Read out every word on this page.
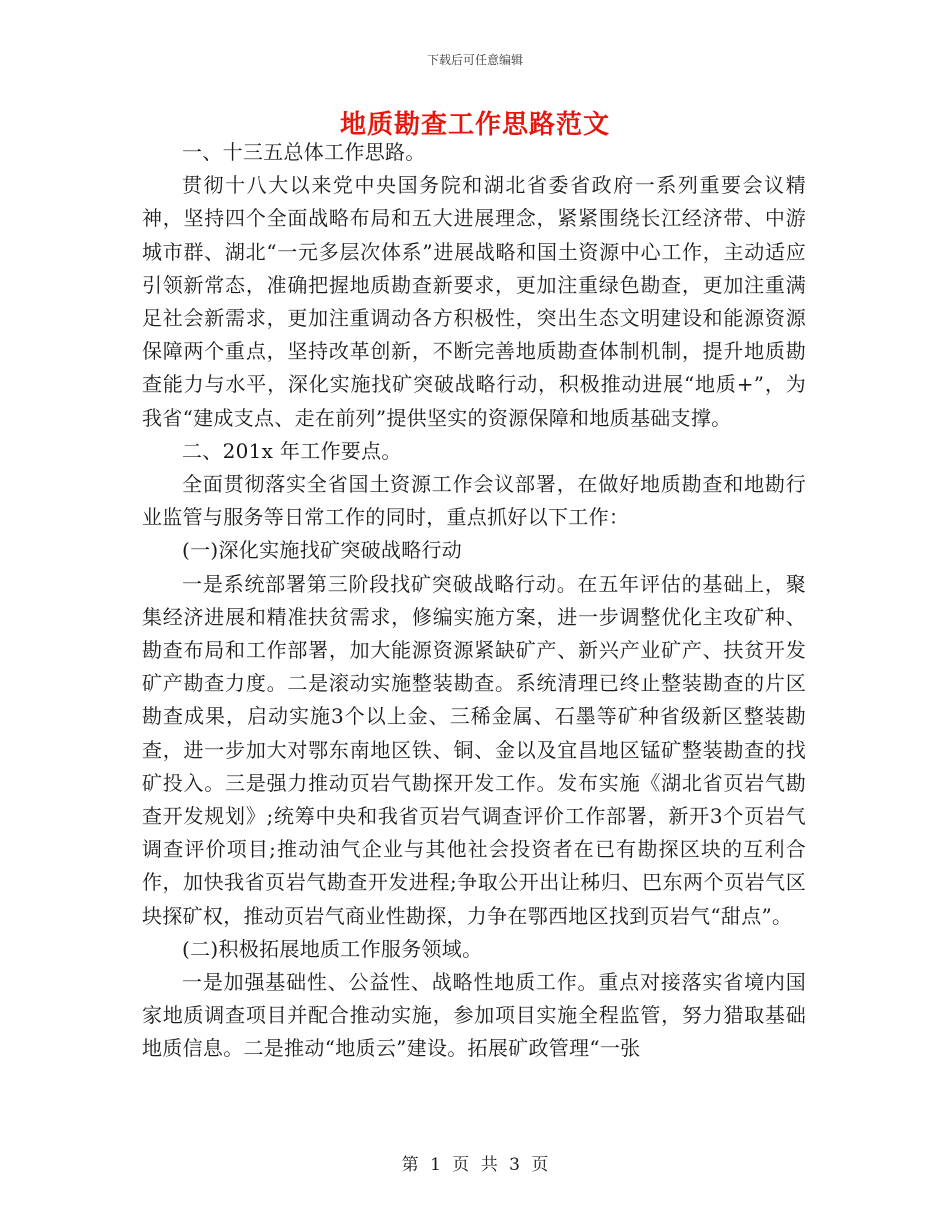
下载后可任意编辑
地质勘查工作思路范文

一、十三五总体工作思路。

贯彻十八大以来党中央国务院和湖北省委省政府一系列重要会议精神，坚持四个全面战略布局和五大进展理念，紧紧围绕长江经济带、中游城市群、湖北“一元多层次体系”进展战略和国土资源中心工作，主动适应引领新常态，准确把握地质勘查新要求，更加注重绿色勘查，更加注重满足社会新需求，更加注重调动各方积极性，突出生态文明建设和能源资源保障两个重点，坚持改革创新，不断完善地质勘查体制机制，提升地质勘查能力与水平，深化实施找矿突破战略行动，积极推动进展“地质+”，为我省“建成支点、走在前列”提供坚实的资源保障和地质基础支撑。

二、201x 年工作要点。

全面贯彻落实全省国土资源工作会议部署，在做好地质勘查和地勘行业监管与服务等日常工作的同时，重点抓好以下工作：

(一)深化实施找矿突破战略行动

一是系统部署第三阶段找矿突破战略行动。在五年评估的基础上，聚集经济进展和精准扶贫需求，修编实施方案，进一步调整优化主攻矿种、勘查布局和工作部署，加大能源资源紧缺矿产、新兴产业矿产、扶贫开发矿产勘查力度。二是滚动实施整装勘查。系统清理已终止整装勘查的片区勘查成果，启动实施3个以上金、三稀金属、石墨等矿种省级新区整装勘查，进一步加大对鄂东南地区铁、铜、金以及宜昌地区锰矿整装勘查的找矿投入。三是强力推动页岩气勘探开发工作。发布实施《湖北省页岩气勘查开发规划》;统筹中央和我省页岩气调查评价工作部署，新开3个页岩气调查评价项目;推动油气企业与其他社会投资者在已有勘探区块的互利合作，加快我省页岩气勘查开发进程;争取公开出让秭归、巴东两个页岩气区块探矿权，推动页岩气商业性勘探，力争在鄂西地区找到页岩气“甜点”。

(二)积极拓展地质工作服务领域。

一是加强基础性、公益性、战略性地质工作。重点对接落实省境内国家地质调查项目并配合推动实施，参加项目实施全程监管，努力猎取基础地质信息。二是推动“地质云”建设。拓展矿政管理“一张

第 1 页 共 3 页
